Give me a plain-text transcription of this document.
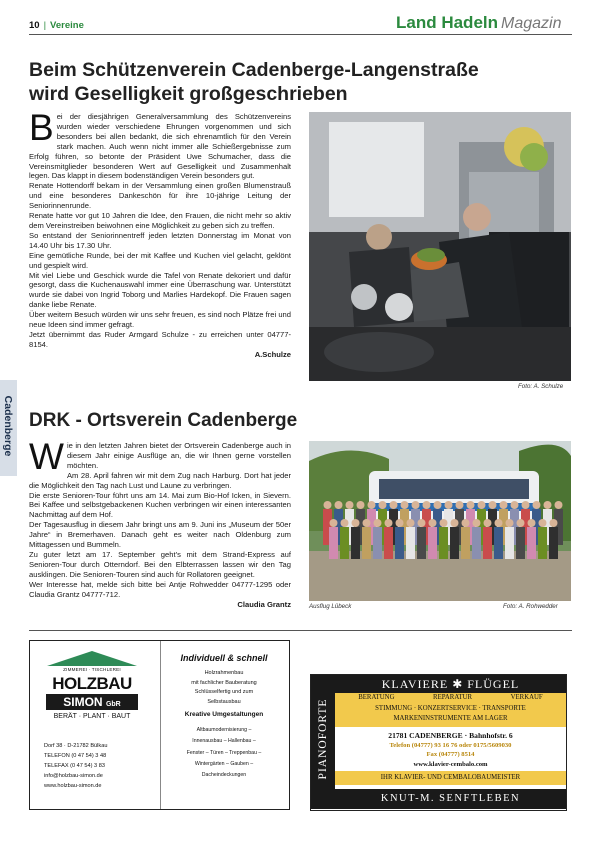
10 | Vereine	Land Hadeln Magazin
Beim Schützenverein Cadenberge-Langenstraße
wird Geselligkeit großgeschrieben

Bei der diesjährigen Generalversammlung des Schützenvereins wurden wieder verschiedene Ehrungen vorgenommen und sich besonders bei allen bedankt, die sich ehrenamtlich für den Verein stark machen. Auch wenn nicht immer alle Schießergebnisse zum Erfolg führen, so betonte der Präsident Uwe Schumacher, dass die Vereinsmitglieder besonderen Wert auf Geselligkeit und Zusammenhalt legen. Das klappt in diesem bodenständigen Verein besonders gut.

Renate Hottendorff bekam in der Versammlung einen großen Blumenstrauß und eine besonderes Dankeschön für ihre 10-jährige Leitung der Seniorinnenrunde.

Renate hatte vor gut 10 Jahren die Idee, den Frauen, die nicht mehr so aktiv dem Vereinstreiben beiwohnen eine Möglichkeit zu geben sich zu treffen.

So entstand der Seniorinnentreff jeden letzten Donnerstag im Monat von 14.40 Uhr bis 17.30 Uhr.

Eine gemütliche Runde, bei der mit Kaffee und Kuchen viel gelacht, geklönt und gespielt wird.

Mit viel Liebe und Geschick wurde die Tafel von Renate dekoriert und dafür gesorgt, dass die Kuchenauswahl immer eine Überraschung war. Unterstützt wurde sie dabei von Ingrid Toborg und Marlies Hardekopf. Die Frauen sagen danke liebe Renate.

Über weitern Besuch würden wir uns sehr freuen, es sind noch Plätze frei und neue Ideen sind immer gefragt.

Jetzt übernimmt das Ruder Armgard Schulze - zu erreichen unter 04777-8154.

A.Schulze

Foto: A. Schulze
Cadenberge DRK - Ortsverein Cadenberge

Wie in den letzten Jahren bietet der Ortsverein Cadenberge auch in diesem Jahr einige Ausflüge an, die wir Ihnen gerne vorstellen möchten.

Am 28. April fahren wir mit dem Zug nach Harburg. Dort hat jeder die Möglichkeit den Tag nach Lust und Laune zu verbringen.

Die erste Senioren-Tour führt uns am 14. Mai zum Bio-Hof Icken, in Sievern. Bei Kaffee und selbstgebackenen Kuchen verbringen wir einen interessanten Nachmittag auf dem Hof.

Der Tagesausflug in diesem Jahr bringt uns am 9. Juni ins „Museum der 50er Jahre“ in Bremerhaven. Danach geht es weiter nach Oldenburg zum Mittagessen und Bummeln.

Zu guter letzt am 17. September geht’s mit dem Strand-Express auf Senioren-Tour durch Otterndorf. Bei den Elbterrassen lassen wir den Tag ausklingen. Die Senioren-Touren sind auch für Rollatoren geeignet.

Wer Interesse hat, melde sich bitte bei Antje Rohwedder 04777-1295 oder Claudia Grantz 04777-712.

Claudia Grantz	Ausflug Lübeck	Foto: A. Rohwedder
ZIMMEREI · TISCHLEREI
HOLZBAU
SIMON GbR
BERÄT · PLANT · BAUT
Dorf 38 · D-21782 Bülkau
TELEFON (0 47 54) 3 48
TELEFAX (0 47 54) 3 83
info@holzbau-simon.de
www.holzbau-simon.de
Individuell & schnell
Holzrahmenbau
mit fachlicher Bauberatung
Schlüsselfertig und zum
Selbstausbau
Kreative Umgestaltungen
Altbaumodernisierung –
Innenausbau – Hallenbau –
Fenster – Türen – Treppenbau –
Wintergärten – Gauben –
Dacheindeckungen	PIANOFORTE
KLAVIERE ✱ FLÜGEL
BERATUNG	REPARATUR	VERKAUF
STIMMUNG · KONZERTSERVICE · TRANSPORTE
MARKENINSTRUMENTE AM LAGER
21781 CADENBERGE · Bahnhofstr. 6
Telefon (04777) 93 16 76 oder 0175/5609030
Fax (04777) 8514
www.klavier-cembalo.com
IHR KLAVIER- UND CEMBALOBAUMEISTER
KNUT-M. SENFTLEBEN
